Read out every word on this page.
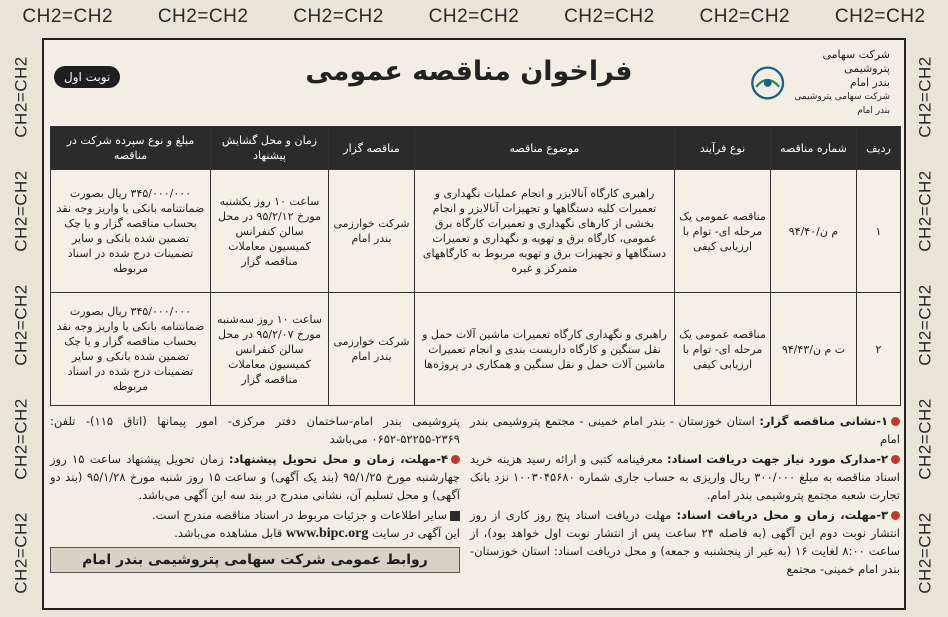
CH2=CH2 CH2=CH2 CH2=CH2 CH2=CH2 CH2=CH2 CH2=CH2 CH2=CH2
CH2=CH2
CH2=CH2
CH2=CH2
CH2=CH2
CH2=CH2
CH2=CH2
CH2=CH2
CH2=CH2
CH2=CH2
CH2=CH2
شرکت سهامی پتروشیمی
بندر امام
شرکت سهامی پتروشیمی بندر امام
فراخوان مناقصه عمومی
نوبت اول
ردیف	شماره مناقصه	نوع فرآیند	موضوع مناقصه	مناقصه گزار	زمان و محل گشایش پیشنهاد	مبلغ و نوع سپرده شرکت در مناقصه
۱	م ن/۹۴/۴۰	مناقصه عمومی یک مرحله ای- توام با ارزیابی کیفی	راهبری کارگاه آنالایزر و انجام عملیات نگهداری و تعمیرات کلیه دستگاهها و تجهیزات آنالایزر و انجام بخشی از کارهای نگهداری و تعمیرات کارگاه برق عمومی، کارگاه برق و تهویه و نگهداری و تعمیرات دستگاهها و تجهیزات برق و تهویه مربوط به کارگاههای متمرکز و غیره	شرکت خوارزمی بندر امام	ساعت ۱۰ روز یکشنبه مورخ ۹۵/۲/۱۲ در محل سالن کنفرانس کمیسیون معاملات مناقصه گزار	۳۴۵/۰۰۰/۰۰۰ ریال بصورت ضمانتنامه بانکی یا واریز وجه نقد بحساب مناقصه گزار و یا چک تضمین شده بانکی و سایر تضمینات درج شده در اسناد مربوطه
۲	ت م ن/۹۴/۴۳	مناقصه عمومی یک مرحله ای- توام با ارزیابی کیفی	راهبری و نگهداری کارگاه تعمیرات ماشین آلات حمل و نقل سنگین و کارگاه داربست بندی و انجام تعمیرات ماشین آلات حمل و نقل سنگین و همکاری در پروژه‌ها	شرکت خوارزمی بندر امام	ساعت ۱۰ روز سه‌شنبه مورخ ۹۵/۲/۰۷ در محل سالن کنفرانس کمیسیون معاملات مناقصه گزار	۳۴۵/۰۰۰/۰۰۰ ریال بصورت ضمانتنامه بانکی یا واریز وجه نقد بحساب مناقصه گزار و یا چک تضمین شده بانکی و سایر تضمینات درج شده در اسناد مربوطه

۱-نشانی مناقصه گزار: استان خوزستان - بندر امام خمینی - مجتمع پتروشیمی بندر امام

۲-مدارک مورد نیاز جهت دریافت اسناد: معرفینامه کتبی و ارائه رسید هزینه خرید اسناد مناقصه به مبلغ ۳۰۰/۰۰۰ ریال واریزی به حساب جاری شماره ۱۰۰۳۰۴۵۶۸۰ نزد بانک تجارت شعبه مجتمع پتروشیمی بندر امام.

۳-مهلت، زمان و محل دریافت اسناد: مهلت دریافت اسناد پنج روز کاری از روز انتشار نوبت دوم این آگهی (به فاصله ۲۴ ساعت پس از انتشار نوبت اول خواهد بود)، از ساعت ۸:۰۰ لغایت ۱۶ (به غیر از پنجشنبه و جمعه) و محل دریافت اسناد: استان خوزستان- بندر امام خمینی- مجتمع

پتروشیمی بندر امام-ساختمان دفتر مرکزی- امور پیمانها (اتاق ۱۱۵)- تلفن: ۲۳۶۹-۵۲۲۵۵-۰۶۵۲ می‌باشد

۴-مهلت، زمان و محل تحویل پیشنهاد: زمان تحویل پیشنهاد ساعت ۱۵ روز چهارشنبه مورخ ۹۵/۱/۲۵ (بند یک آگهی) و ساعت ۱۵ روز شنبه مورخ ۹۵/۱/۲۸ (بند دو آگهی) و محل تسلیم آن، نشانی مندرج در بند سه این آگهی می‌باشد.

سایر اطلاعات و جزئیات مربوط در اسناد مناقصه مندرج است.

این آگهی در سایت www.bipc.org قابل مشاهده می‌باشد.

روابط عمومی شرکت سهامی پتروشیمی بندر امام
